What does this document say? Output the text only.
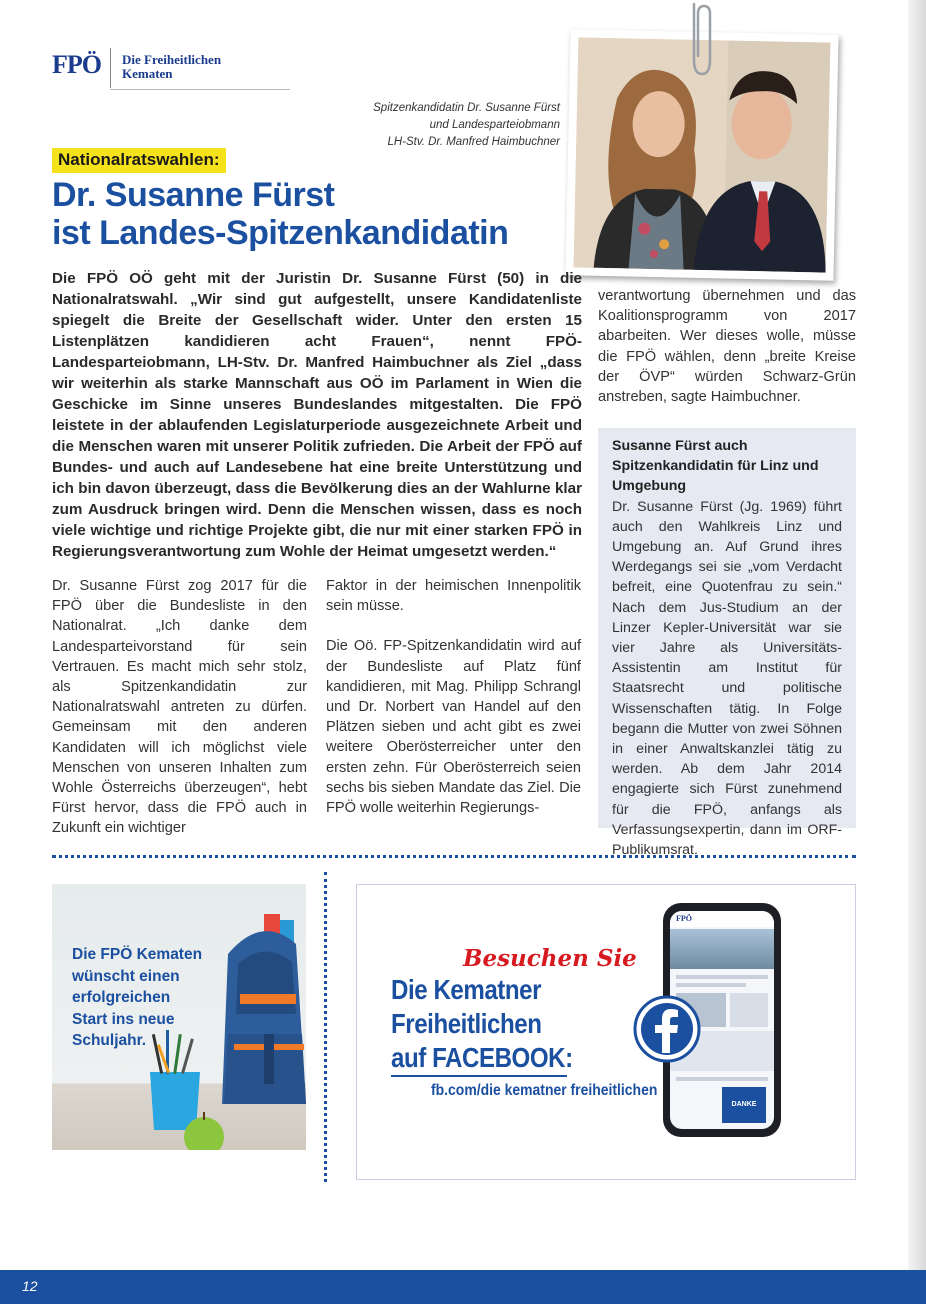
FPÖ Die Freiheitlichen
Kematen
Spitzenkandidatin Dr. Susanne Fürst
und Landesparteiobmann
LH-Stv. Dr. Manfred Haimbuchner
Nationalratswahlen:
Dr. Susanne Fürst
ist Landes-Spitzenkandidatin
Die FPÖ OÖ geht mit der Juristin Dr. Susanne Fürst (50) in die Nationalratswahl. „Wir sind gut aufgestellt, unsere Kandidatenliste spiegelt die Breite der Gesellschaft wider. Unter den ersten 15 Listenplätzen kandidieren acht Frauen“, nennt FPÖ-Landesparteiobmann, LH-Stv. Dr. Manfred Haimbuchner als Ziel „dass wir weiterhin als starke Mannschaft aus OÖ im Parlament in Wien die Geschicke im Sinne unseres Bundeslandes mitgestalten. Die FPÖ leistete in der ablaufenden Legislaturperiode ausgezeichnete Arbeit und die Menschen waren mit unserer Politik zufrieden. Die Arbeit der FPÖ auf Bundes- und auch auf Landesebene hat eine breite Unterstützung und ich bin davon überzeugt, dass die Bevölkerung dies an der Wahlurne klar zum Ausdruck bringen wird. Denn die Menschen wissen, dass es noch viele wichtige und richtige Projekte gibt, die nur mit einer starken FPÖ in Regierungsverantwortung zum Wohle der Heimat umgesetzt werden.“

Dr. Susanne Fürst zog 2017 für die FPÖ über die Bundesliste in den Nationalrat. „Ich danke dem Landesparteivorstand für sein Vertrauen. Es macht mich sehr stolz, als Spitzenkandidatin zur Nationalratswahl antreten zu dürfen. Gemeinsam mit den anderen Kandidaten will ich möglichst viele Menschen von unseren Inhalten zum Wohle Österreichs überzeugen“, hebt Fürst hervor, dass die FPÖ auch in Zukunft ein wichtiger

Faktor in der heimischen Innenpolitik sein müsse.

Die Oö. FP-Spitzenkandidatin wird auf der Bundesliste auf Platz fünf kandidieren, mit Mag. Philipp Schrangl und Dr. Norbert van Handel auf den Plätzen sieben und acht gibt es zwei weitere Oberösterreicher unter den ersten zehn. Für Oberösterreich seien sechs bis sieben Mandate das Ziel. Die FPÖ wolle weiterhin Regierungs-

verantwortung übernehmen und das Koalitionsprogramm von 2017 abarbeiten. Wer dieses wolle, müsse die FPÖ wählen, denn „breite Kreise der ÖVP“ würden Schwarz-Grün anstreben, sagte Haimbuchner.

Susanne Fürst auch Spitzenkandidatin für Linz und Umgebung
Dr. Susanne Fürst (Jg. 1969) führt auch den Wahlkreis Linz und Umgebung an. Auf Grund ihres Werdegangs sei sie „vom Verdacht befreit, eine Quotenfrau zu sein.“ Nach dem Jus-Studium an der Linzer Kepler-Universität war sie vier Jahre als Universitäts-Assistentin am Institut für Staatsrecht und politische Wissenschaften tätig. In Folge begann die Mutter von zwei Söhnen in einer Anwaltskanzlei tätig zu werden. Ab dem Jahr 2014 engagierte sich Fürst zunehmend für die FPÖ, anfangs als Verfassungsexpertin, dann im ORF-Publikumsrat.
Die FPÖ Kematen
wünscht einen
erfolgreichen
Start ins neue
Schuljahr.
Besuchen Sie
Die Kematner
Freiheitlichen
auf FACEBOOK:
fb.com/die kematner freiheitlichen
FPÖ
DANKE
12
